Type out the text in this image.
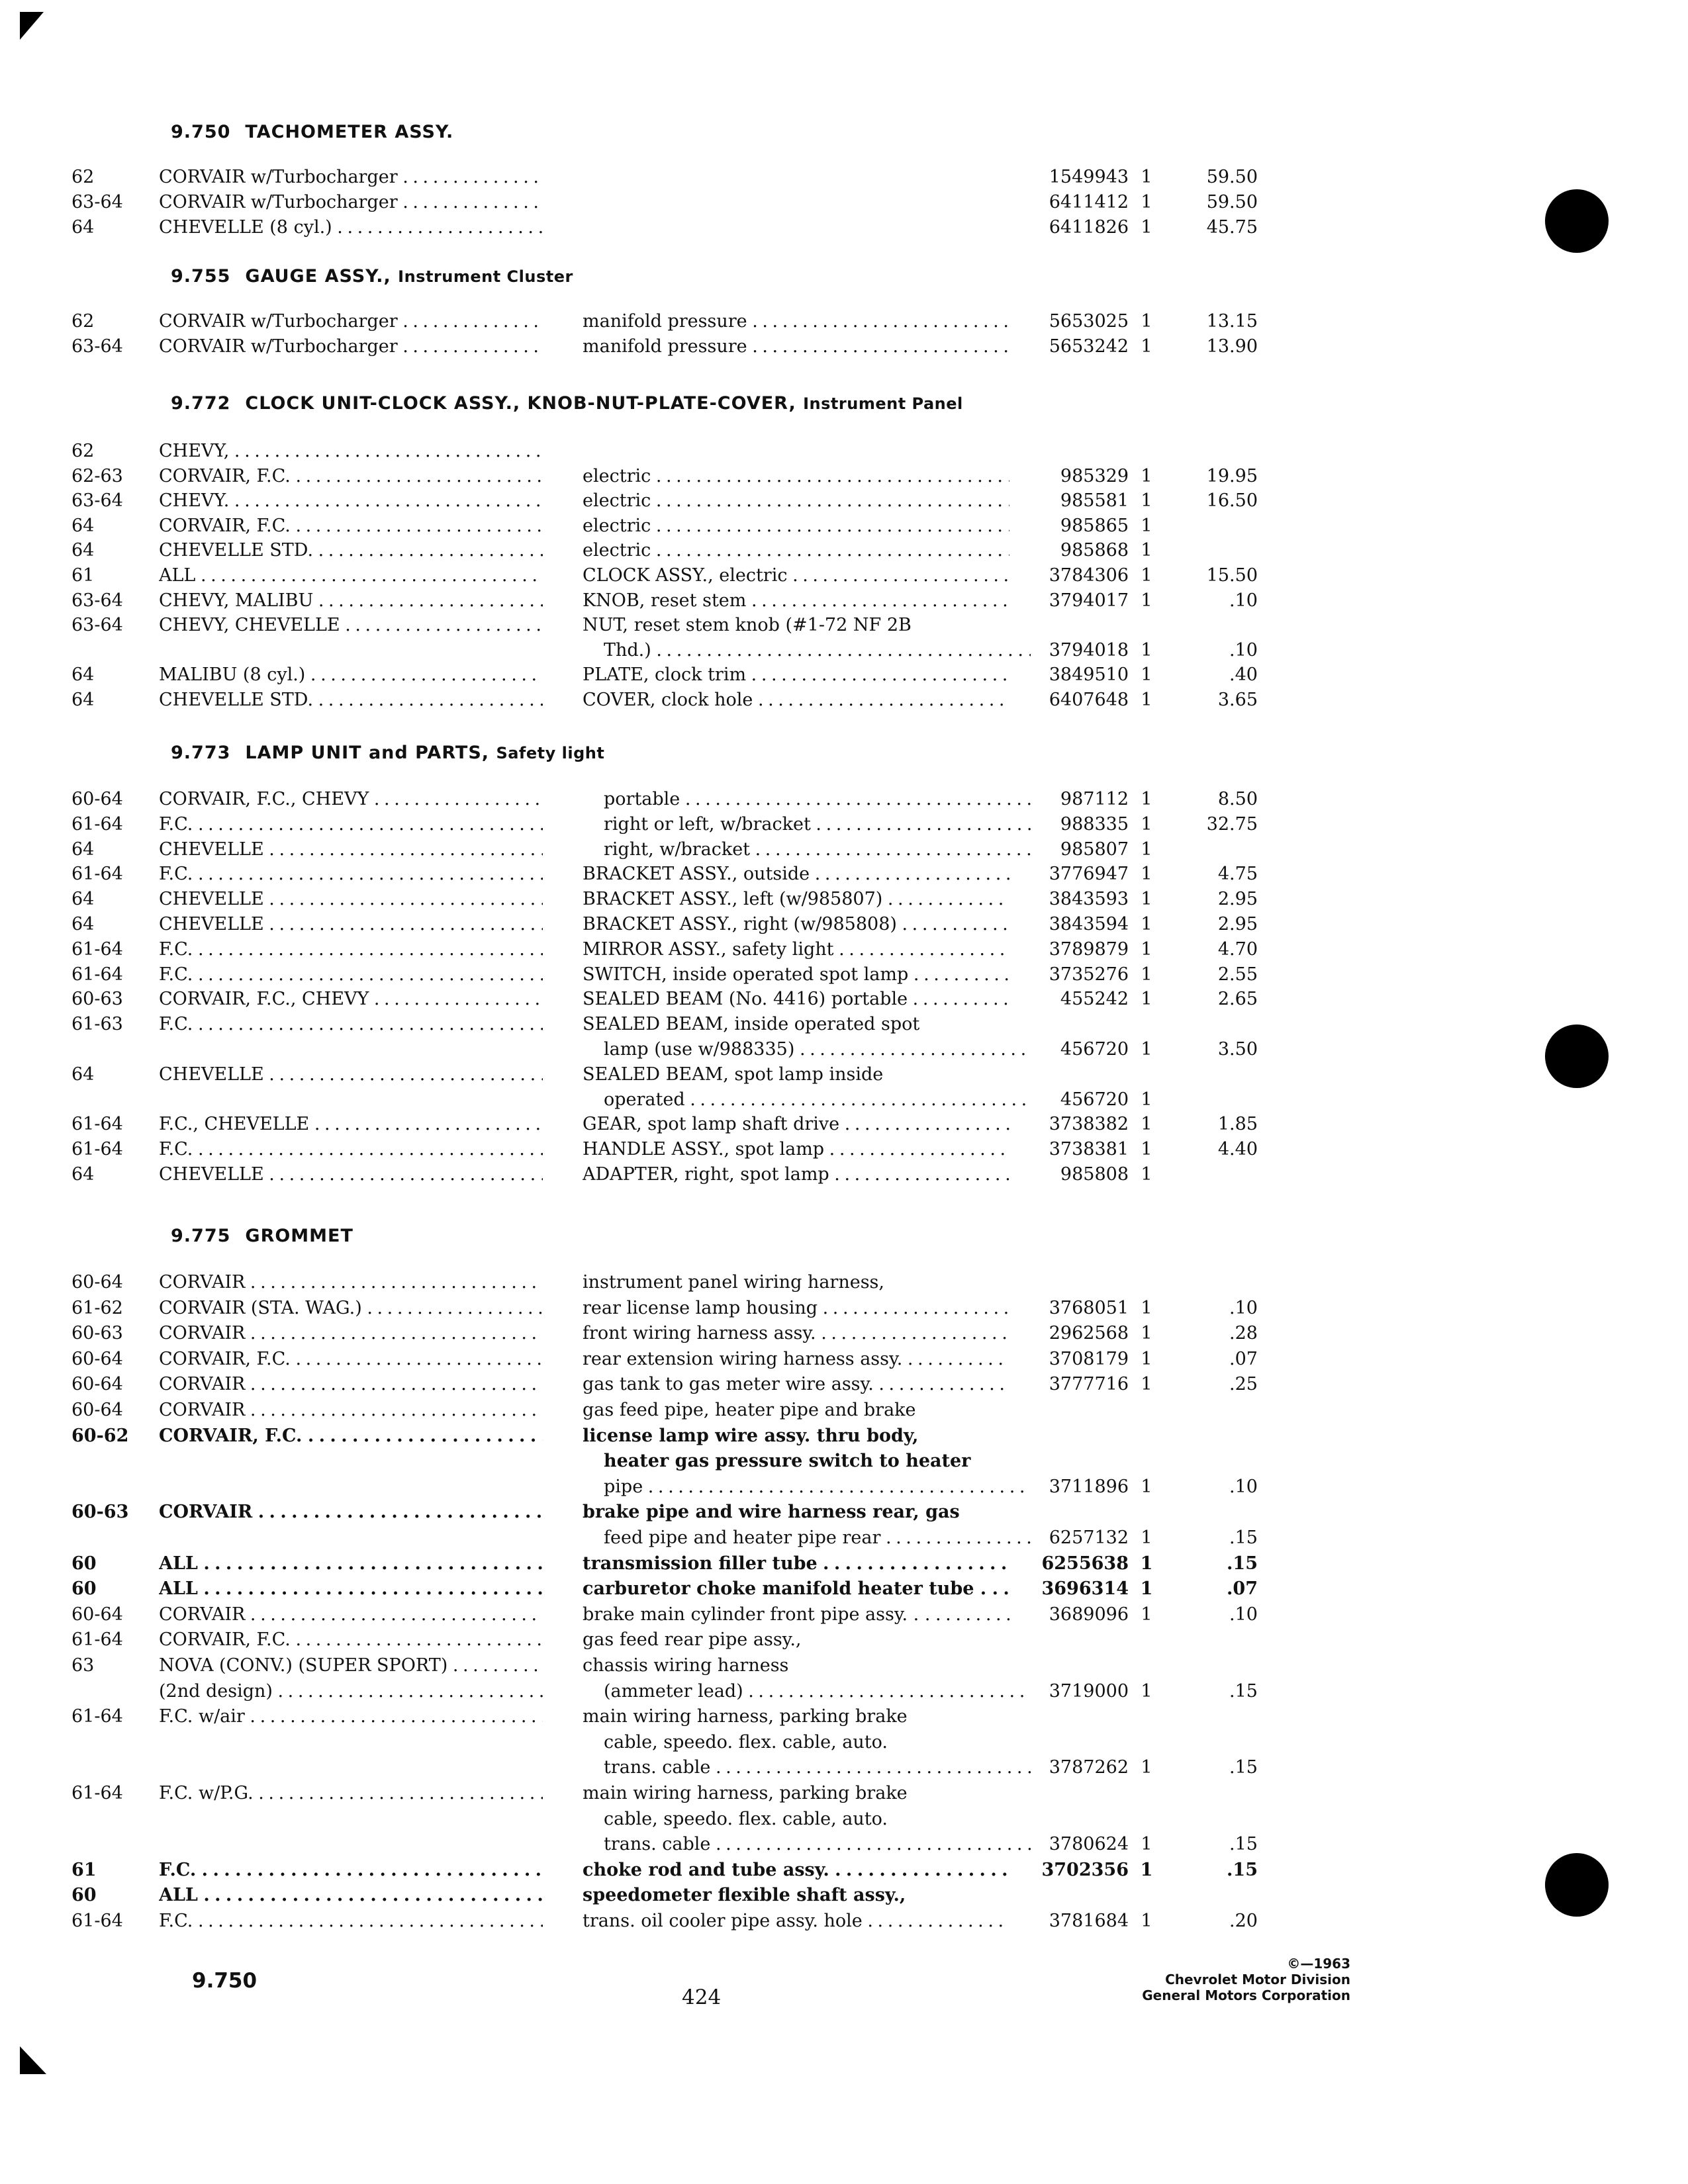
9.750 TACHOMETER ASSY.
62	CORVAIR w/Turbocharger . . .	1549943 1	59.50
63-64	CORVAIR w/Turbocharger . . .	6411412 1	59.50
64	CHEVELLE (8 cyl.) . . .	6411826 1	45.75
9.755 GAUGE ASSY., Instrument Cluster
62	CORVAIR w/Turbocharger . . .	manifold pressure . . .	5653025 1	13.15
63-64	CORVAIR w/Turbocharger . . .	manifold pressure . . .	5653242 1	13.90
9.772 CLOCK UNIT-CLOCK ASSY., KNOB-NUT-PLATE-COVER, Instrument Panel
62	CHEVY, . . .
62-63	CORVAIR, F.C. . . .	electric . . .	985329 1	19.95
63-64	CHEVY. . . .	electric . . .	985581 1	16.50
64	CORVAIR, F.C. . . .	electric . . .	985865 1
64	CHEVELLE STD. . . .	electric . . .	985868 1
61	ALL . . .	CLOCK ASSY., electric . . .	3784306 1	15.50
63-64	CHEVY, MALIBU . . .	KNOB, reset stem . . .	3794017 1	.10
63-64	CHEVY, CHEVELLE . . .	NUT, reset stem knob (#1-72 NF 2B
Thd.) . . .	3794018 1	.10
64	MALIBU (8 cyl.) . . .	PLATE, clock trim . . .	3849510 1	.40
64	CHEVELLE STD. . . .	COVER, clock hole . . .	6407648 1	3.65
9.773 LAMP UNIT and PARTS, Safety light
60-64	CORVAIR, F.C., CHEVY . . .	portable . . .	987112 1	8.50
61-64	F.C. . . .	right or left, w/bracket . . .	988335 1	32.75
64	CHEVELLE . . .	right, w/bracket . . .	985807 1
61-64	F.C. . . .	BRACKET ASSY., outside . . .	3776947 1	4.75
64	CHEVELLE . . .	BRACKET ASSY., left (w/985807) . . .	3843593 1	2.95
64	CHEVELLE . . .	BRACKET ASSY., right (w/985808) . . .	3843594 1	2.95
61-64	F.C. . . .	MIRROR ASSY., safety light . . .	3789879 1	4.70
61-64	F.C. . . .	SWITCH, inside operated spot lamp . . .	3735276 1	2.55
60-63	CORVAIR, F.C., CHEVY . . .	SEALED BEAM (No. 4416) portable . . .	455242 1	2.65
61-63	F.C. . . .	SEALED BEAM, inside operated spot
lamp (use w/988335) . . .	456720 1	3.50
64	CHEVELLE . . .	SEALED BEAM, spot lamp inside
operated . . .	456720 1
61-64	F.C., CHEVELLE . . .	GEAR, spot lamp shaft drive . . .	3738382 1	1.85
61-64	F.C. . . .	HANDLE ASSY., spot lamp . . .	3738381 1	4.40
64	CHEVELLE . . .	ADAPTER, right, spot lamp . . .	985808 1
9.775 GROMMET
60-64	CORVAIR . . .	instrument panel wiring harness,
61-62	CORVAIR (STA. WAG.) . . .	rear license lamp housing . . .	3768051 1	.10
60-63	CORVAIR . . .	front wiring harness assy. . . .	2962568 1	.28
60-64	CORVAIR, F.C. . . .	rear extension wiring harness assy. . . .	3708179 1	.07
60-64	CORVAIR . . .	gas tank to gas meter wire assy. . . .	3777716 1	.25
60-64	CORVAIR . . .	gas feed pipe, heater pipe and brake
60-62	CORVAIR, F.C. . . .	license lamp wire assy. thru body,
heater gas pressure switch to heater
pipe . . .	3711896 1	.10
60-63	CORVAIR . . .	brake pipe and wire harness rear, gas
feed pipe and heater pipe rear . . .	6257132 1	.15
60	ALL . . .	transmission filler tube . . .	6255638 1	.15
60	ALL . . .	carburetor choke manifold heater tube . . . .	3696314 1	.07
60-64	CORVAIR . . .	brake main cylinder front pipe assy. . . . . .	3689096 1	.10
61-64	CORVAIR, F.C. . . .	gas feed rear pipe assy.,
63	NOVA (CONV.) (SUPER SPORT) . . .	chassis wiring harness
(2nd design) . . .	(ammeter lead) . . .	3719000 1	.15
61-64	F.C. w/air . . .	main wiring harness, parking brake
cable, speedo. flex. cable, auto.
trans. cable . . .	3787262 1	.15
61-64	F.C. w/P.G. . . .	main wiring harness, parking brake
cable, speedo. flex. cable, auto.
trans. cable . . .	3780624 1	.15
61	F.C. . . .	choke rod and tube assy. . . .	3702356 1	.15
60	ALL . . .	speedometer flexible shaft assy.,
61-64	F.C. . . .	trans. oil cooler pipe assy. hole . . .	3781684 1	.20
9.750
424
©—1963
Chevrolet Motor Division
General Motors Corporation
